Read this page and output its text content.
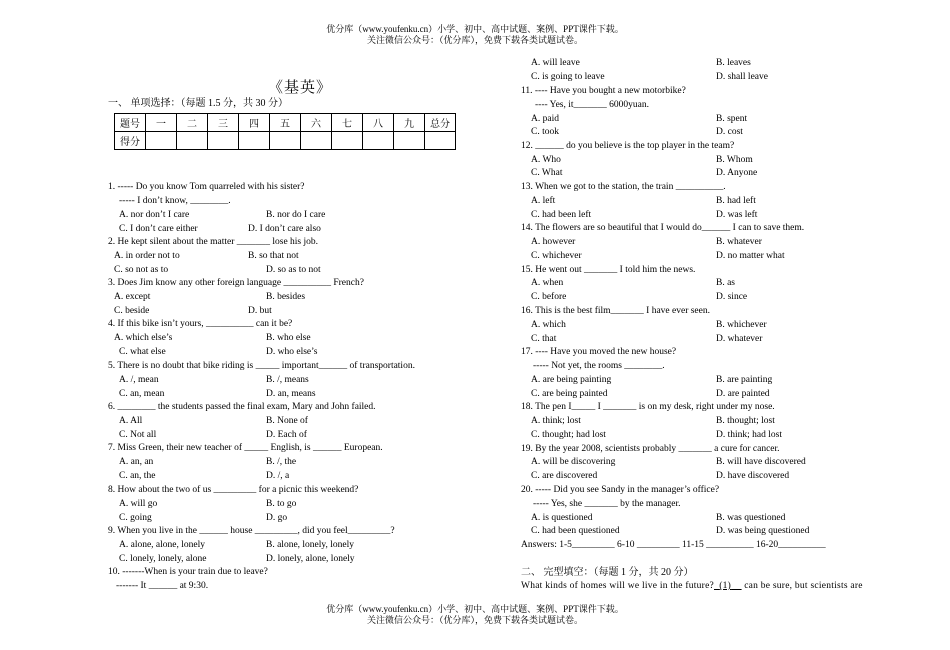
优分库（www.youfenku.cn）小学、初中、高中试题、案例、PPT课件下载。
关注微信公众号：（优分库），免费下载各类试题试卷。
《基英》
一、 单项选择：（每题 1.5 分，共 30 分）
题号	一	二	三	四	五	六	七	八	九	总分
得分										
1. ----- Do you know Tom quarreled with his sister?
----- I don’t know, ________.
A. nor don’t I care	B. nor do I care
C. I don’t care either	D. I don’t care also
2. He kept silent about the matter _______ lose his job.
A. in order not to	B. so that not
C. so not as to	D. so as to not
3. Does Jim know any other foreign language __________ French?
A. except	B. besides
C. beside	D. but
4. If this bike isn’t yours, __________ can it be?
A. which else’s	B. who else
C. what else	D. who else’s
5. There is no doubt that bike riding is _____ important______ of transportation.
A. /, mean	B. /, means
C. an, mean	D. an, means
6. ________ the students passed the final exam, Mary and John failed.
A. All	B. None of
C. Not all	D. Each of
7. Miss Green, their new teacher of _____ English, is ______ European.
A. an, an	B. /, the
C. an, the	D. /, a
8. How about the two of us _________ for a picnic this weekend?
A. will go	B. to go
C. going	D. go
9. When you live in the ______ house _________, did you feel_________?
A. alone, alone, lonely	B. alone, lonely, lonely
C. lonely, lonely, alone	D. lonely, alone, lonely
10. -------When is your train due to leave?
------- It ______ at 9:30.
A. will leave	B. leaves
C. is going to leave	D. shall leave
11. ---- Have you bought a new motorbike?
---- Yes, it_______ 6000yuan.
A. paid	B. spent
C. took	D. cost
12. ______ do you believe is the top player in the team?
A. Who	B. Whom
C. What	D. Anyone
13. When we got to the station, the train __________.
A. left	B. had left
C. had been left	D. was left
14. The flowers are so beautiful that I would do______ I can to save them.
A. however	B. whatever
C. whichever	D. no matter what
15. He went out _______ I told him the news.
A. when	B. as
C. before	D. since
16. This is the best film_______ I have ever seen.
A. which	B. whichever
C. that	D. whatever
17. ---- Have you moved the new house?
----- Not yet, the rooms ________.
A. are being painting	B. are painting
C. are being painted	D. are painted
18. The pen I_____ I _______ is on my desk, right under my nose.
A. think; lost	B. thought; lost
C. thought; had lost	D. think; had lost
19. By the year 2008, scientists probably _______ a cure for cancer.
A. will be discovering	B. will have discovered
C. are discovered	D. have discovered
20. ----- Did you see Sandy in the manager’s office?
----- Yes, she _______ by the manager.
A. is questioned	B. was questioned
C. had been questioned	D. was being questioned
Answers: 1-5_________ 6-10 _________ 11-15 __________ 16-20__________
二、 完型填空：（每题 1 分，共 20 分）
What kinds of homes will we live in the future? (1) can be sure, but scientists are
优分库（www.youfenku.cn）小学、初中、高中试题、案例、PPT课件下载。
关注微信公众号：（优分库），免费下载各类试题试卷。
